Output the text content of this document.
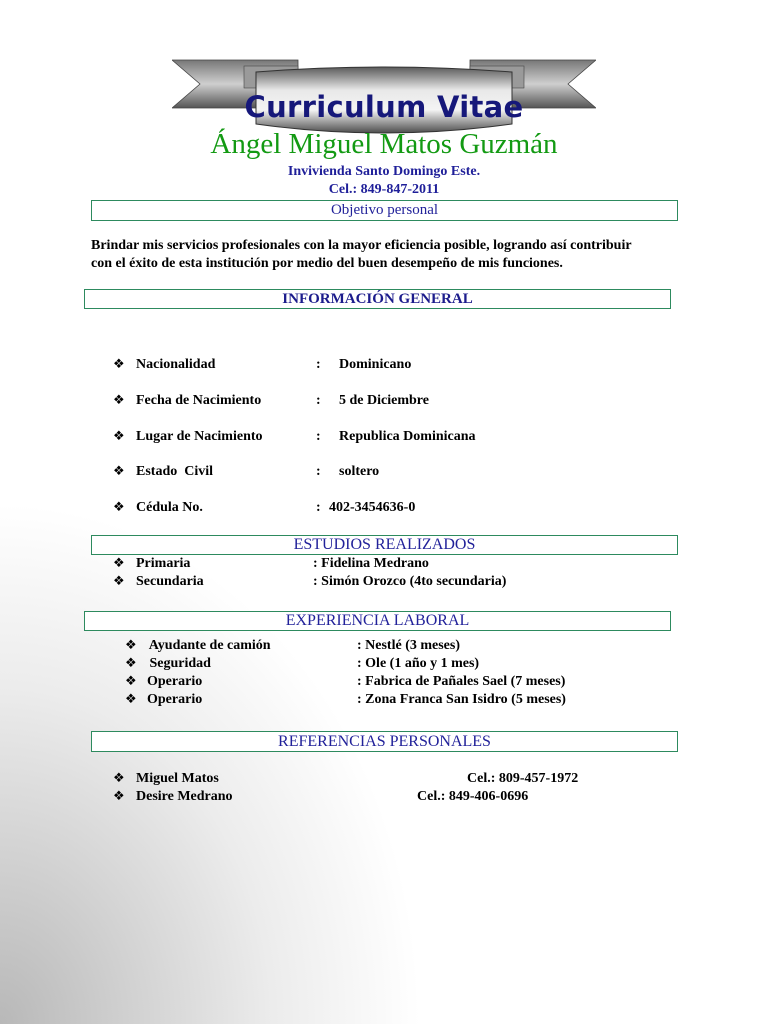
Curriculum Vitae
Ángel Miguel Matos Guzmán
Invivienda Santo Domingo Este.
Cel.: 849-847-2011
Objetivo personal
Brindar mis servicios profesionales con la mayor eficiencia posible, logrando así contribuir
con el éxito de esta institución por medio del buen desempeño de mis funciones.
INFORMACIÓN GENERAL
❖ Nacionalidad	: Dominicano
❖ Fecha de Nacimiento	: 5 de Diciembre
❖ Lugar de Nacimiento	: Republica Dominicana
❖ Estado  Civil	: soltero
❖ Cédula No.	: 402-3454636-0
ESTUDIOS REALIZADOS
❖ Primaria	: Fidelina Medrano
❖ Secundaria	: Simón Orozco (4to secundaria)
EXPERIENCIA LABORAL
❖ Ayudante de camión	: Nestlé (3 meses)
❖ Seguridad	: Ole (1 año y 1 mes)
❖ Operario	: Fabrica de Pañales Sael (7 meses)
❖ Operario	: Zona Franca San Isidro (5 meses)
REFERENCIAS PERSONALES
❖ Miguel Matos	Cel.: 809-457-1972
❖ Desire Medrano	Cel.: 849-406-0696
